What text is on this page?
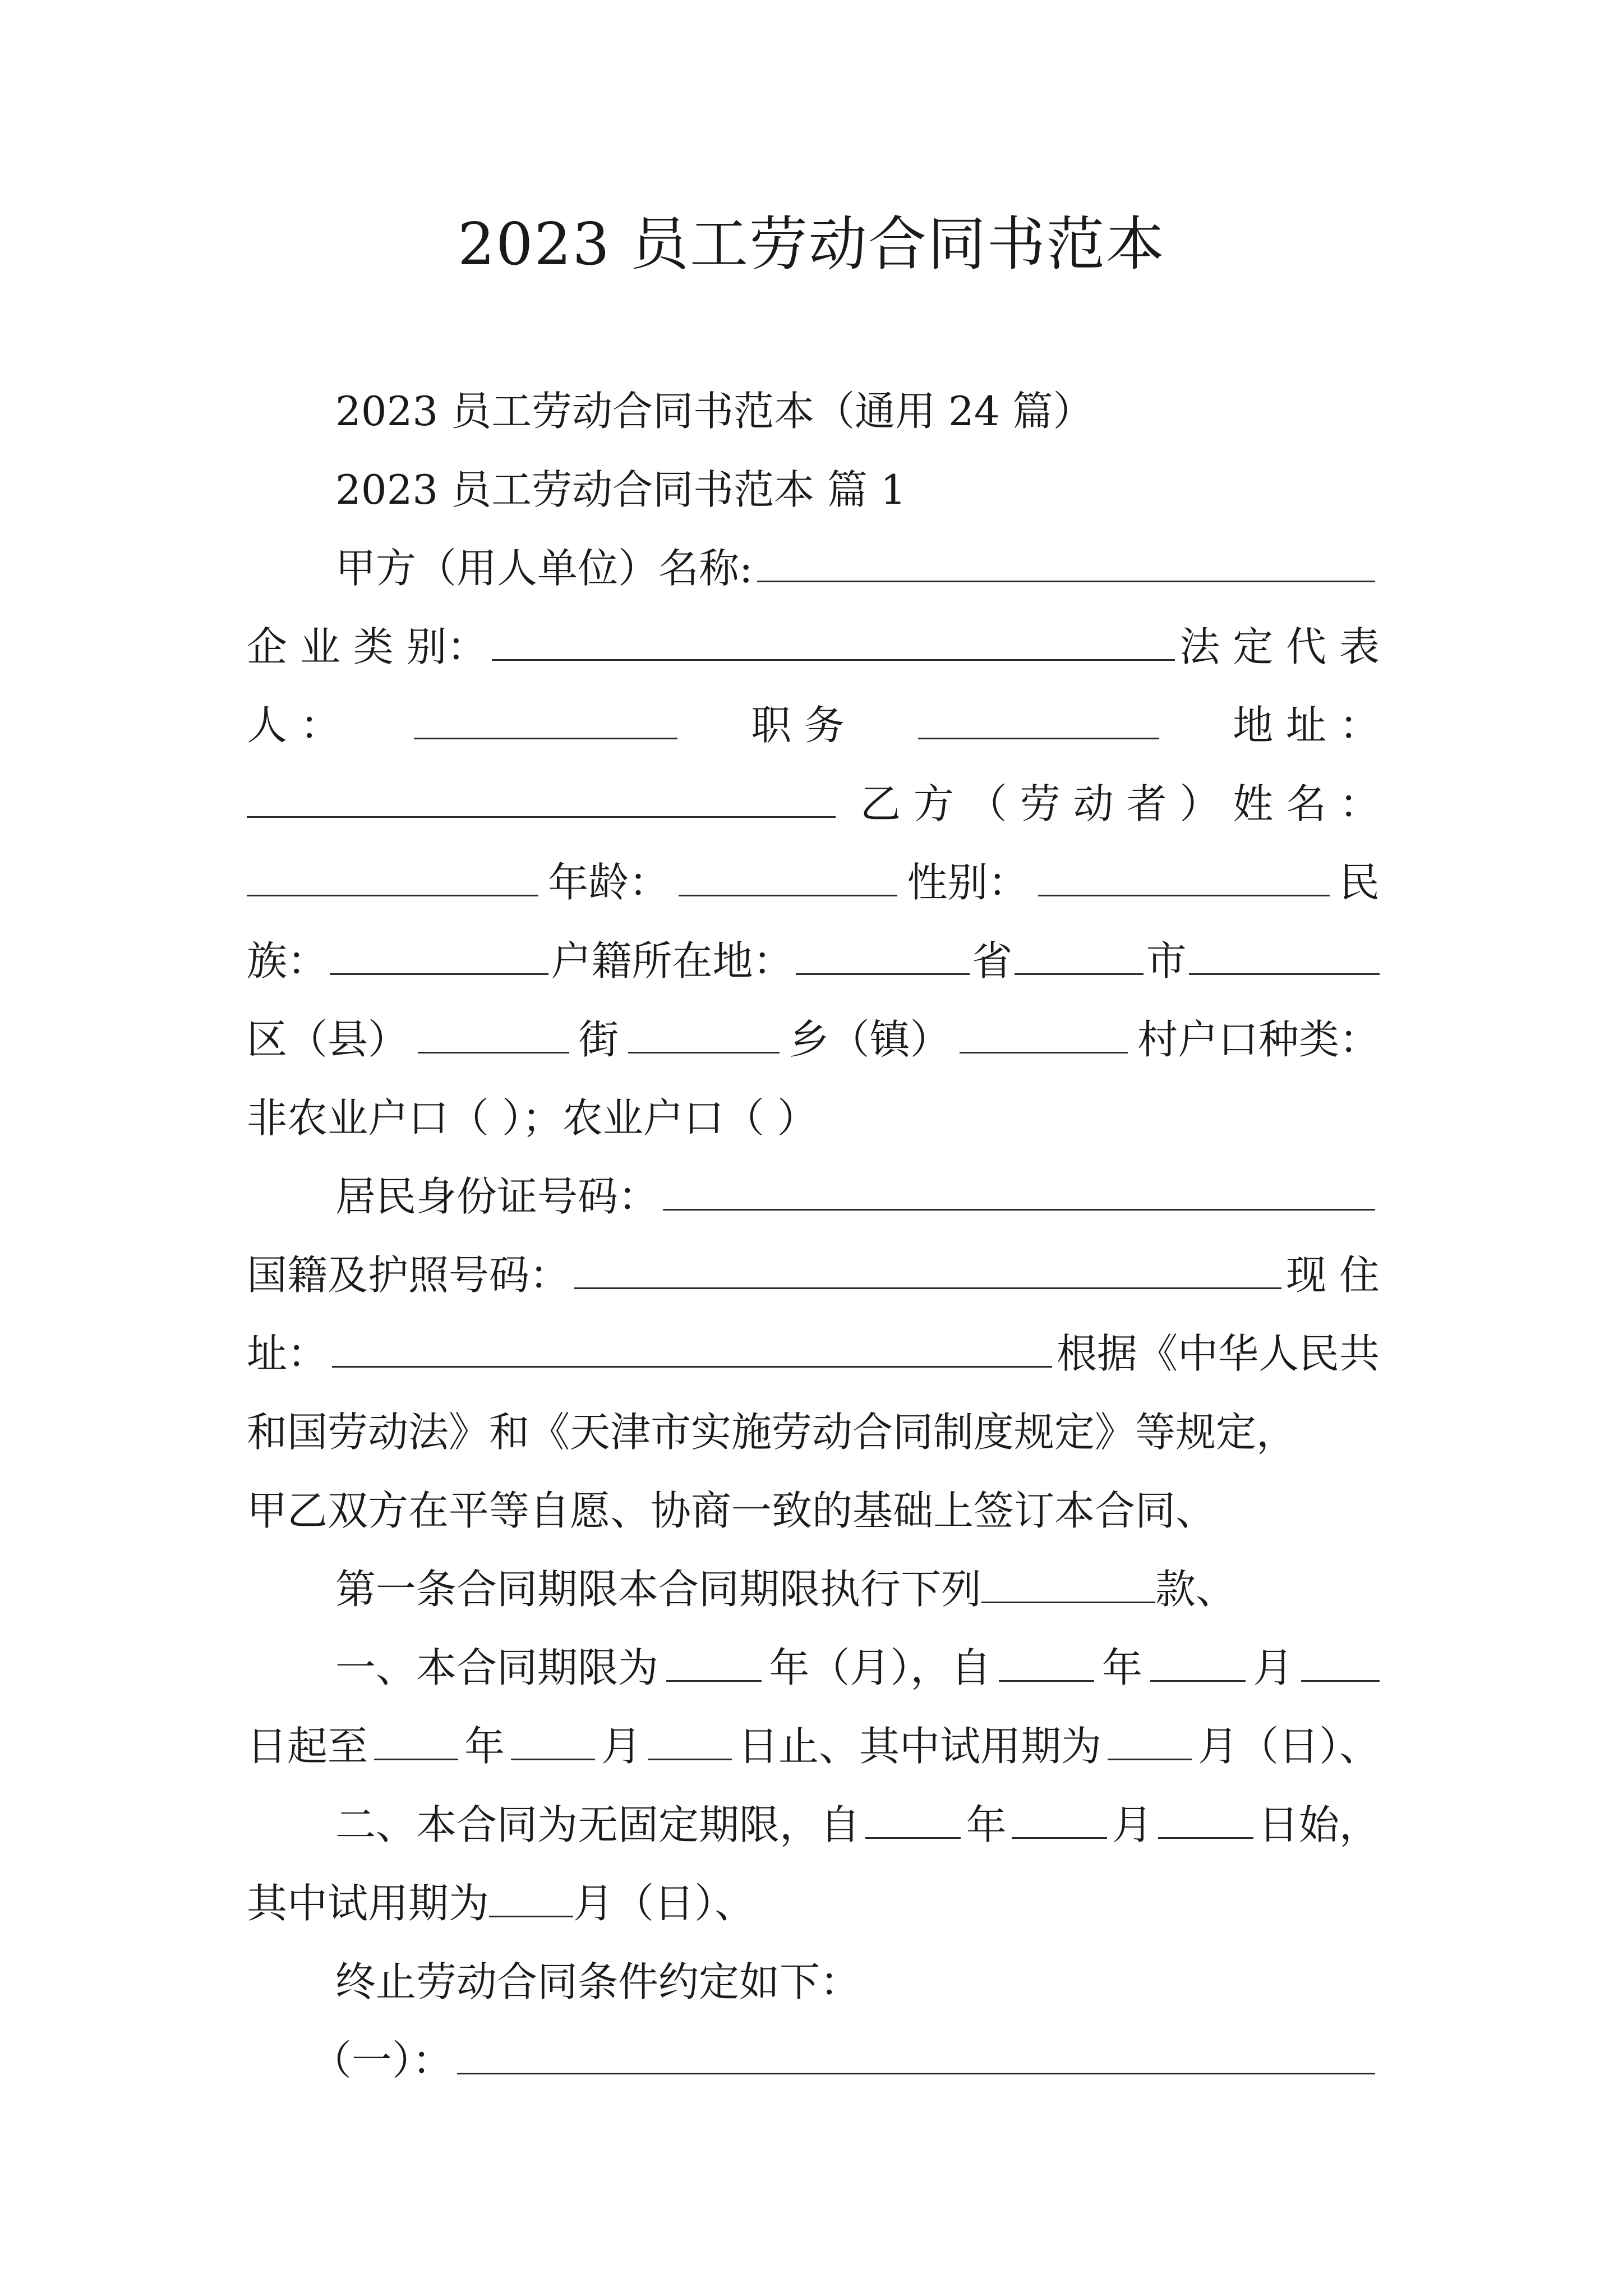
2023 员工劳动合同书范本
2023 员工劳动合同书范本（通用 24 篇）
2023 员工劳动合同书范本 篇 1
甲方（用人单位）名称:
企 业 类 别：	法 定 代 表
人 ：	职 务	地 址 ：
乙 方 （ 劳 动 者 ） 姓 名 ：
年龄：	性别：	民
族：	户籍所在地：	省	市
区（县）	街	乡（镇）	村户口种类：
非农业户口（ ）；农业户口（ ）
居民身份证号码：
国籍及护照号码：	现 住
址：	根据《中华人民共
和国劳动法》和《天津市实施劳动合同制度规定》等规定，
甲乙双方在平等自愿、协商一致的基础上签订本合同、
第一条合同期限本合同期限执行下列	款、
一、本合同期限为	年（月），自	年	月
日起至 年 月 日止、其中试用期为 月（日）、
二、本合同为无固定期限，自	年	月	日始，
其中试用期为 月（日）、
终止劳动合同条件约定如下：
（一）：
